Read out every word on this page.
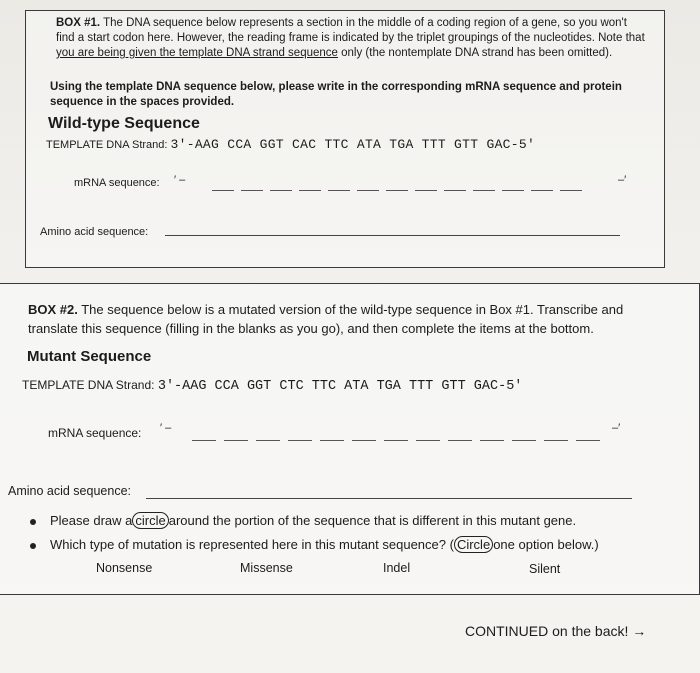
BOX #1. The DNA sequence below represents a section in the middle of a coding region of a gene, so you won't find a start codon here. However, the reading frame is indicated by the triplet groupings of the nucleotides. Note that you are being given the template DNA strand sequence only (the nontemplate DNA strand has been omitted).
Using the template DNA sequence below, please write in the corresponding mRNA sequence and protein sequence in the spaces provided.
Wild-type Sequence
TEMPLATE DNA Strand: 3′-AAG CCA GGT CAC TTC ATA TGA TTT GTT GAC-5′
mRNA sequence: ′ –	–′
Amino acid sequence:
BOX #2. The sequence below is a mutated version of the wild-type sequence in Box #1. Transcribe and translate this sequence (filling in the blanks as you go), and then complete the items at the bottom.
Mutant Sequence
TEMPLATE DNA Strand: 3′-AAG CCA GGT CTC TTC ATA TGA TTT GTT GAC-5′
mRNA sequence: ′ –	–′
Amino acid sequence:
Please draw a circle around the portion of the sequence that is different in this mutant gene.
Which type of mutation is represented here in this mutant sequence? ( Circle one option below.)
Nonsense	Missense	Indel	Silent
CONTINUED on the back! →
